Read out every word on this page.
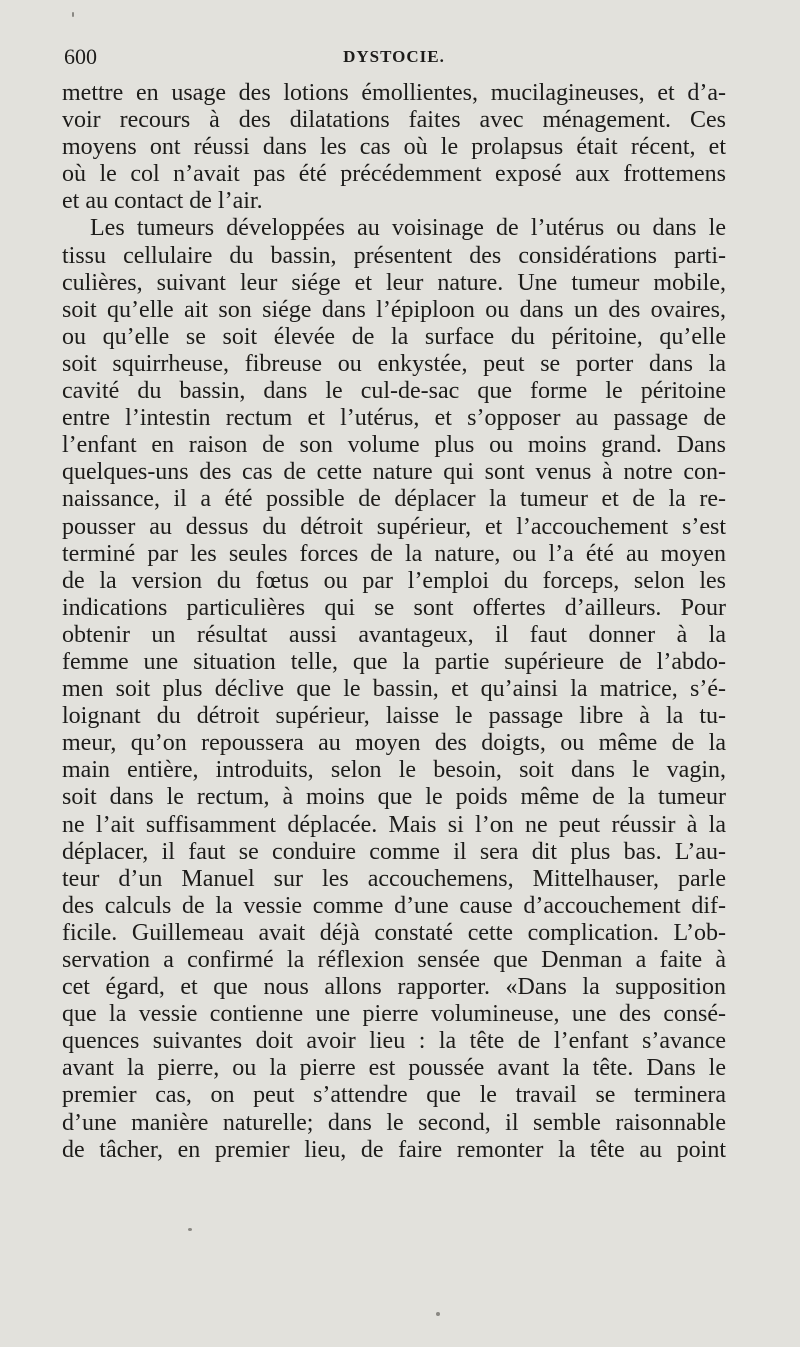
600	DYSTOCIE.
mettre en usage des lotions émollientes, mucilagineuses, et d’a-
voir recours à des dilatations faites avec ménagement. Ces
moyens ont réussi dans les cas où le prolapsus était récent, et
où le col n’avait pas été précédemment exposé aux frottemens
et au contact de l’air.
Les tumeurs développées au voisinage de l’utérus ou dans le
tissu cellulaire du bassin, présentent des considérations parti-
culières, suivant leur siége et leur nature. Une tumeur mobile,
soit qu’elle ait son siége dans l’épiploon ou dans un des ovaires,
ou qu’elle se soit élevée de la surface du péritoine, qu’elle
soit squirrheuse, fibreuse ou enkystée, peut se porter dans la
cavité du bassin, dans le cul-de-sac que forme le péritoine
entre l’intestin rectum et l’utérus, et s’opposer au passage de
l’enfant en raison de son volume plus ou moins grand. Dans
quelques-uns des cas de cette nature qui sont venus à notre con-
naissance, il a été possible de déplacer la tumeur et de la re-
pousser au dessus du détroit supérieur, et l’accouchement s’est
terminé par les seules forces de la nature, ou l’a été au moyen
de la version du fœtus ou par l’emploi du forceps, selon les
indications particulières qui se sont offertes d’ailleurs. Pour
obtenir un résultat aussi avantageux, il faut donner à la
femme une situation telle, que la partie supérieure de l’abdo-
men soit plus déclive que le bassin, et qu’ainsi la matrice, s’é-
loignant du détroit supérieur, laisse le passage libre à la tu-
meur, qu’on repoussera au moyen des doigts, ou même de la
main entière, introduits, selon le besoin, soit dans le vagin,
soit dans le rectum, à moins que le poids même de la tumeur
ne l’ait suffisamment déplacée. Mais si l’on ne peut réussir à la
déplacer, il faut se conduire comme il sera dit plus bas. L’au-
teur d’un Manuel sur les accouchemens, Mittelhauser, parle
des calculs de la vessie comme d’une cause d’accouchement dif-
ficile. Guillemeau avait déjà constaté cette complication. L’ob-
servation a confirmé la réflexion sensée que Denman a faite à
cet égard, et que nous allons rapporter. «Dans la supposition
que la vessie contienne une pierre volumineuse, une des consé-
quences suivantes doit avoir lieu : la tête de l’enfant s’avance
avant la pierre, ou la pierre est poussée avant la tête. Dans le
premier cas, on peut s’attendre que le travail se terminera
d’une manière naturelle; dans le second, il semble raisonnable
de tâcher, en premier lieu, de faire remonter la tête au point
